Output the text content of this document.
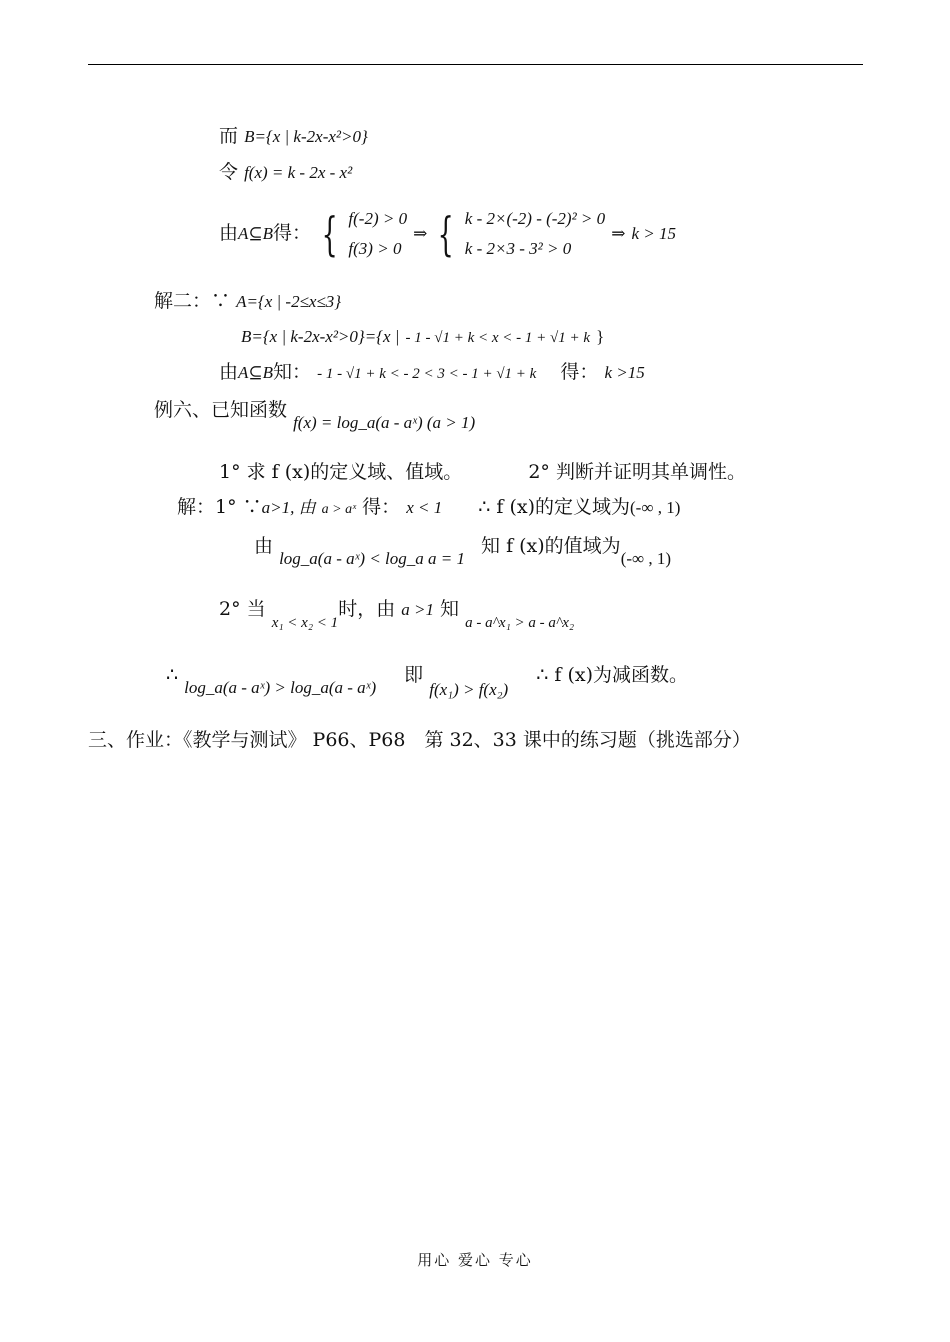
而 B={x | k-2x-x²>0}
令 f(x) = k - 2x - x²
由A⊆B得： { f(-2) > 0
f(3) > 0 ⇒ { k - 2×(-2) - (-2)² > 0
k - 2×3 - 3² > 0 ⇒ k > 15
解二：∵ A={x | -2≤x≤3}
B={x | k-2x-x²>0}={x | - 1 - √1 + k < x < - 1 + √1 + k }
由A⊆B知： - 1 - √1 + k < - 2 < 3 < - 1 + √1 + k 得： k >15
例六、已知函数 f(x) = log_a(a - aˣ) (a > 1)
1° 求 f (x)的定义域、值域。	2° 判断并证明其单调性。
解：1° ∵a>1, 由 a > aˣ 得： x < 1 ∴ f (x)的定义域为(-∞ , 1)
由 log_a(a - aˣ) < log_a a = 1 知 f (x)的值域为(-∞ , 1)
2° 当 $_{x_1 < x_2 < 1}$时，由 a >1 知 $_{a - a\^{}x_1 > a - a\^{}x_2}$
∴ log_a(a - aˣ) > log_a(a - aˣ) 即 f(x₁) > f(x₂) ∴ f (x)为减函数。
三、作业：《教学与测试》 P66、P68　第 32、33 课中的练习题（挑选部分）
用心 爱心 专心
